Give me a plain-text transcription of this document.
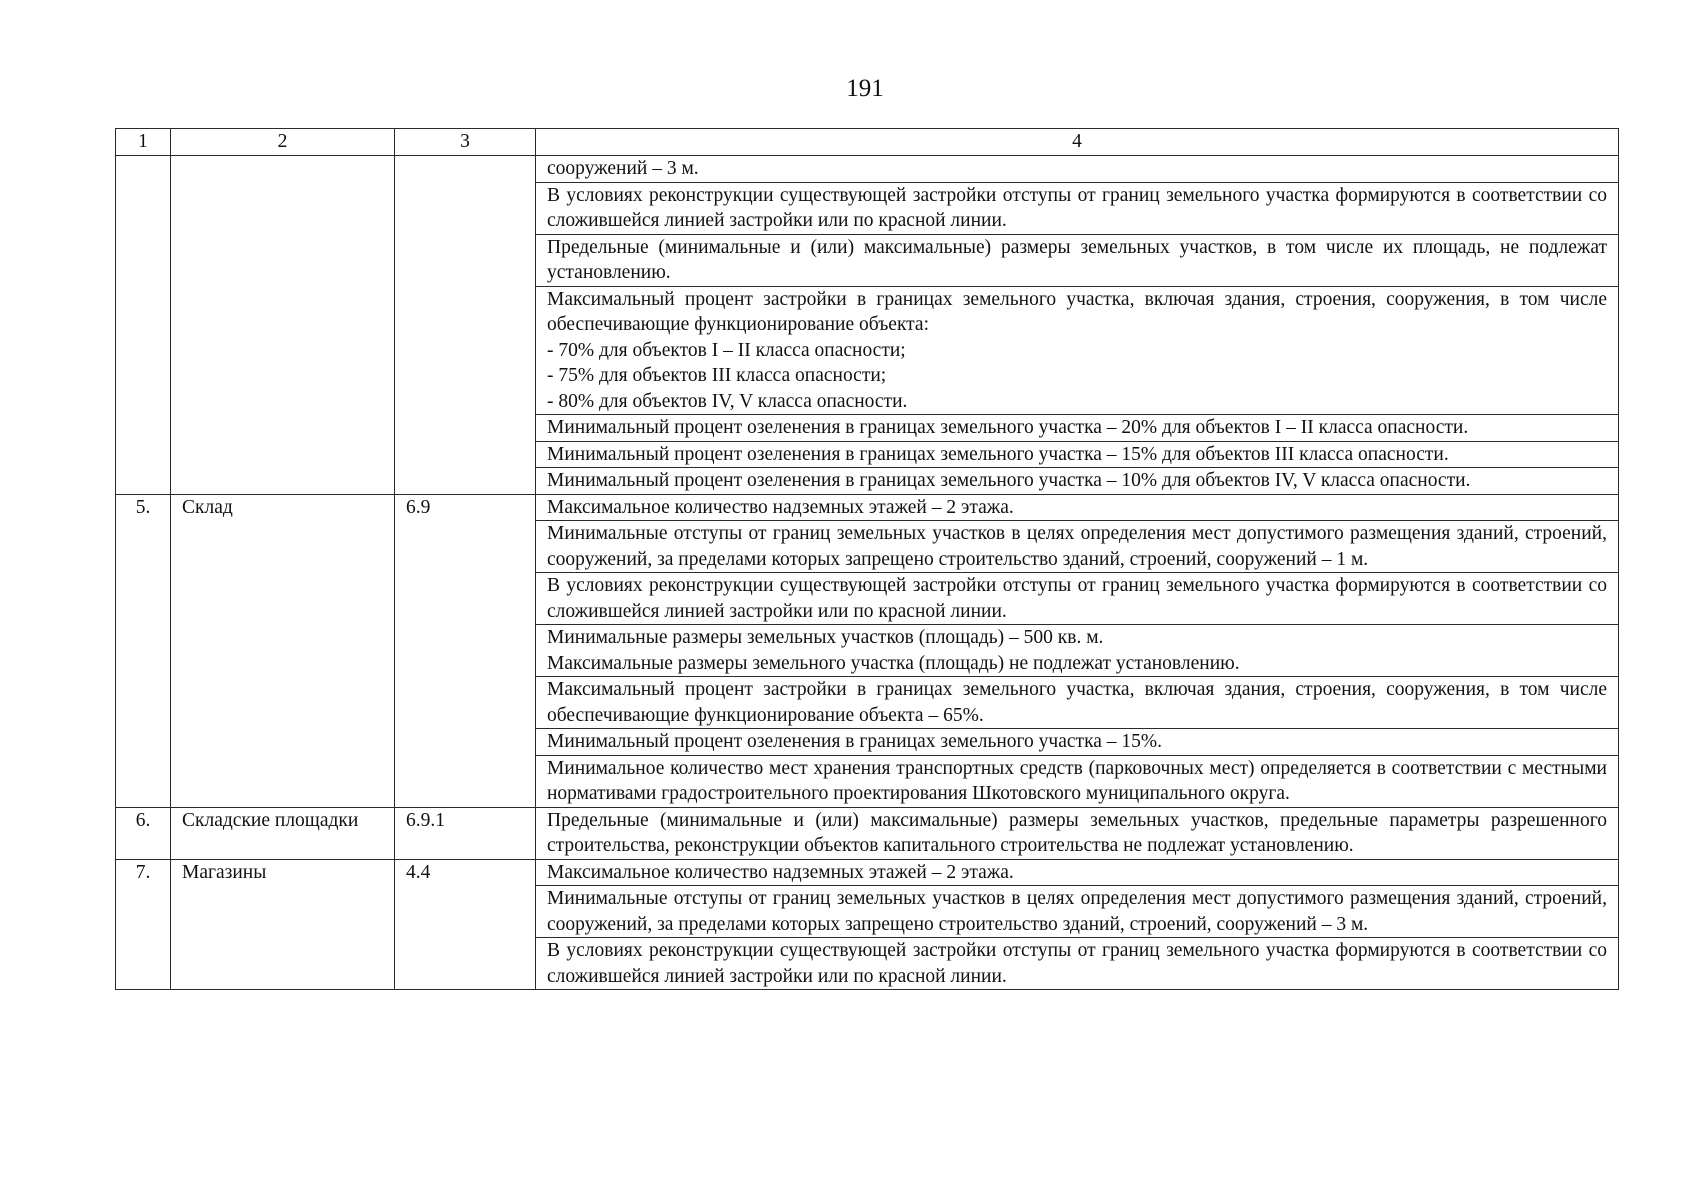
191
1	2	3	4

			сооружений – 3 м.

			В условиях реконструкции существующей застройки отступы от границ земельного участка формируются в соответствии со сложившейся линией застройки или по красной линии.

			Предельные (минимальные и (или) максимальные) размеры земельных участков, в том числе их площадь, не подлежат установлению.

			Максимальный процент застройки в границах земельного участка, включая здания, строения, сооружения, в том числе обеспечивающие функционирование объекта:
- 70% для объектов I – II класса опасности;
- 75% для объектов III класса опасности;
- 80% для объектов IV, V класса опасности.

			Минимальный процент озеленения в границах земельного участка – 20% для объектов I – II класса опасности.

			Минимальный процент озеленения в границах земельного участка – 15% для объектов III класса опасности.

			Минимальный процент озеленения в границах земельного участка – 10% для объектов IV, V класса опасности.

5.	Склад	6.9	Максимальное количество надземных этажей – 2 этажа.

			Минимальные отступы от границ земельных участков в целях определения мест допустимого размещения зданий, строений, сооружений, за пределами которых запрещено строительство зданий, строений, сооружений – 1 м.

			В условиях реконструкции существующей застройки отступы от границ земельного участка формируются в соответствии со сложившейся линией застройки или по красной линии.

			Минимальные размеры земельных участков (площадь) – 500 кв. м.
Максимальные размеры земельного участка (площадь) не подлежат установлению.

			Максимальный процент застройки в границах земельного участка, включая здания, строения, сооружения, в том числе обеспечивающие функционирование объекта – 65%.

			Минимальный процент озеленения в границах земельного участка – 15%.

			Минимальное количество мест хранения транспортных средств (парковочных мест) определяется в соответствии с местными нормативами градостроительного проектирования Шкотовского муниципального округа.

6.	Складские площадки	6.9.1	Предельные (минимальные и (или) максимальные) размеры земельных участков, предельные параметры разрешенного строительства, реконструкции объектов капитального строительства не подлежат установлению.

7.	Магазины	4.4	Максимальное количество надземных этажей – 2 этажа.

			Минимальные отступы от границ земельных участков в целях определения мест допустимого размещения зданий, строений, сооружений, за пределами которых запрещено строительство зданий, строений, сооружений – 3 м.

			В условиях реконструкции существующей застройки отступы от границ земельного участка формируются в соответствии со сложившейся линией застройки или по красной линии.
